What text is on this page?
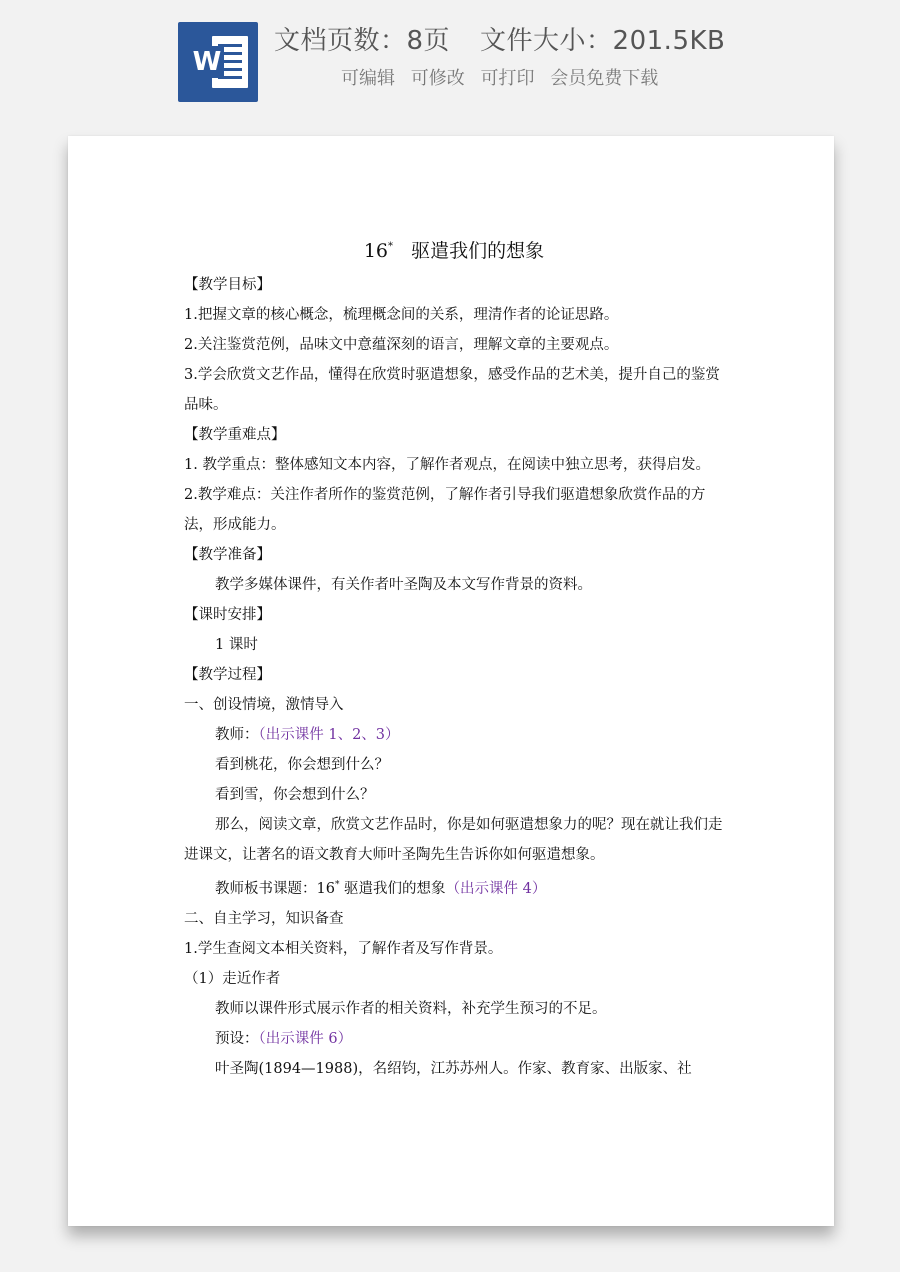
W
文档页数：8页 文件大小：201.5KB
可编辑 可修改 可打印 会员免费下载
16* 驱遣我们的想象

【教学目标】

1.把握文章的核心概念，梳理概念间的关系，理清作者的论证思路。

2.关注鉴赏范例，品味文中意蕴深刻的语言，理解文章的主要观点。

3.学会欣赏文艺作品，懂得在欣赏时驱遣想象，感受作品的艺术美，提升自己的鉴赏品味。

【教学重难点】

1. 教学重点：整体感知文本内容，了解作者观点，在阅读中独立思考，获得启发。

2.教学难点：关注作者所作的鉴赏范例，了解作者引导我们驱遣想象欣赏作品的方法，形成能力。

【教学准备】

教学多媒体课件，有关作者叶圣陶及本文写作背景的资料。

【课时安排】

1 课时

【教学过程】

一、创设情境，激情导入

教师：（出示课件 1、2、3）

看到桃花，你会想到什么？

看到雪，你会想到什么？

那么，阅读文章，欣赏文艺作品时，你是如何驱遣想象力的呢？现在就让我们走进课文，让著名的语文教育大师叶圣陶先生告诉你如何驱遣想象。

教师板书课题：16* 驱遣我们的想象（出示课件 4）

二、自主学习，知识备查

1.学生查阅文本相关资料，了解作者及写作背景。

（1）走近作者

教师以课件形式展示作者的相关资料，补充学生预习的不足。

预设：（出示课件 6）

叶圣陶(1894—1988)，名绍钧，江苏苏州人。作家、教育家、出版家、社
